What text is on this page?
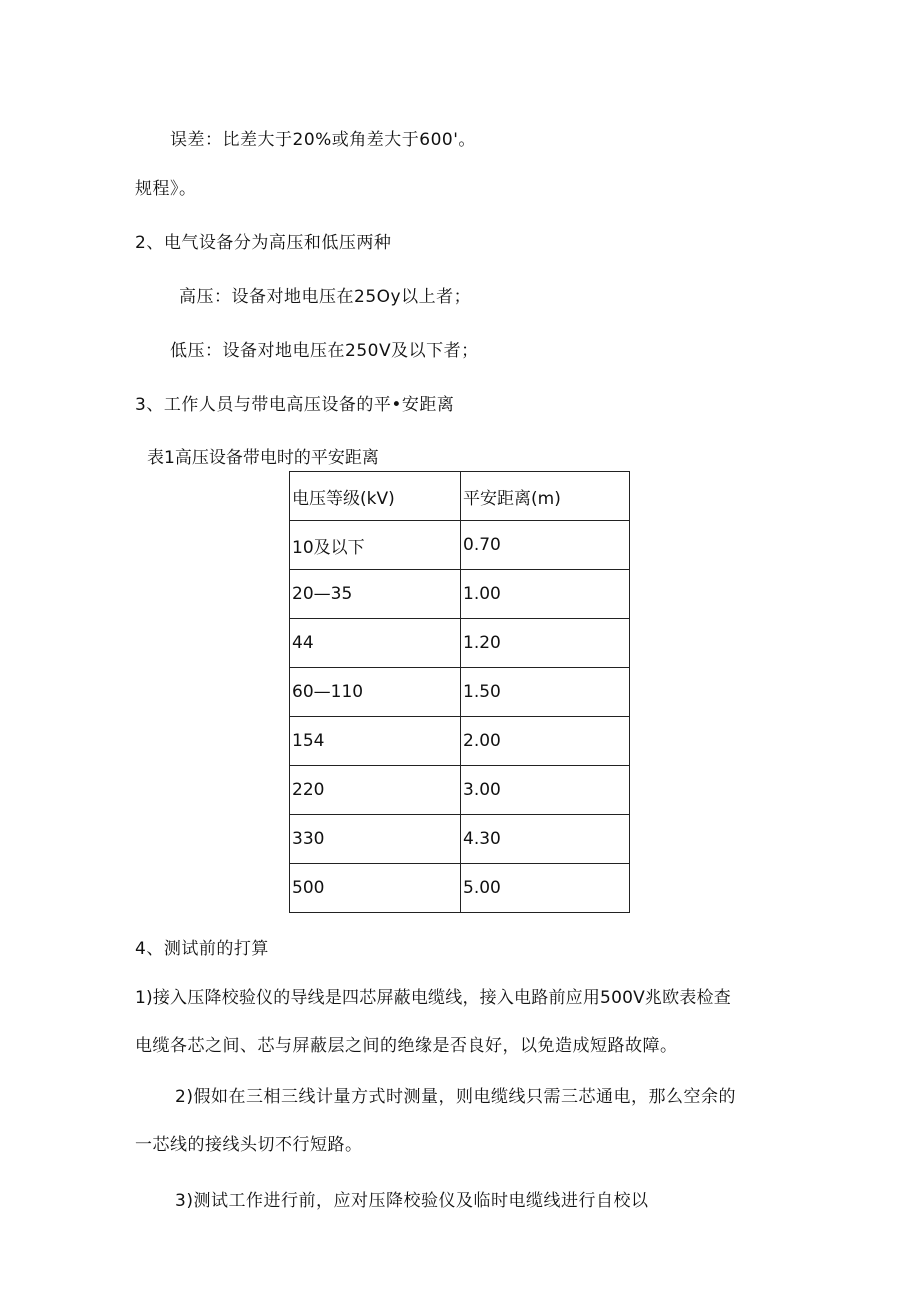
误差：比差大于20%或角差大于600'。
规程》。
2、电气设备分为高压和低压两种
高压：设备对地电压在25Oy以上者；
低压：设备对地电压在250V及以下者；
3、工作人员与带电高压设备的平•安距离
表1高压设备带电时的平安距离
电压等级(kV)	平安距离(m)
10及以下	0.70
20—35	1.00
44	1.20
60—110	1.50
154	2.00
220	3.00
330	4.30
500	5.00
4、测试前的打算
1)接入压降校验仪的导线是四芯屏蔽电缆线，接入电路前应用500V兆欧表检查
电缆各芯之间、芯与屏蔽层之间的绝缘是否良好，以免造成短路故障。
2)假如在三相三线计量方式时测量，则电缆线只需三芯通电，那么空余的
一芯线的接线头切不行短路。
3)测试工作进行前，应对压降校验仪及临时电缆线进行自校以
